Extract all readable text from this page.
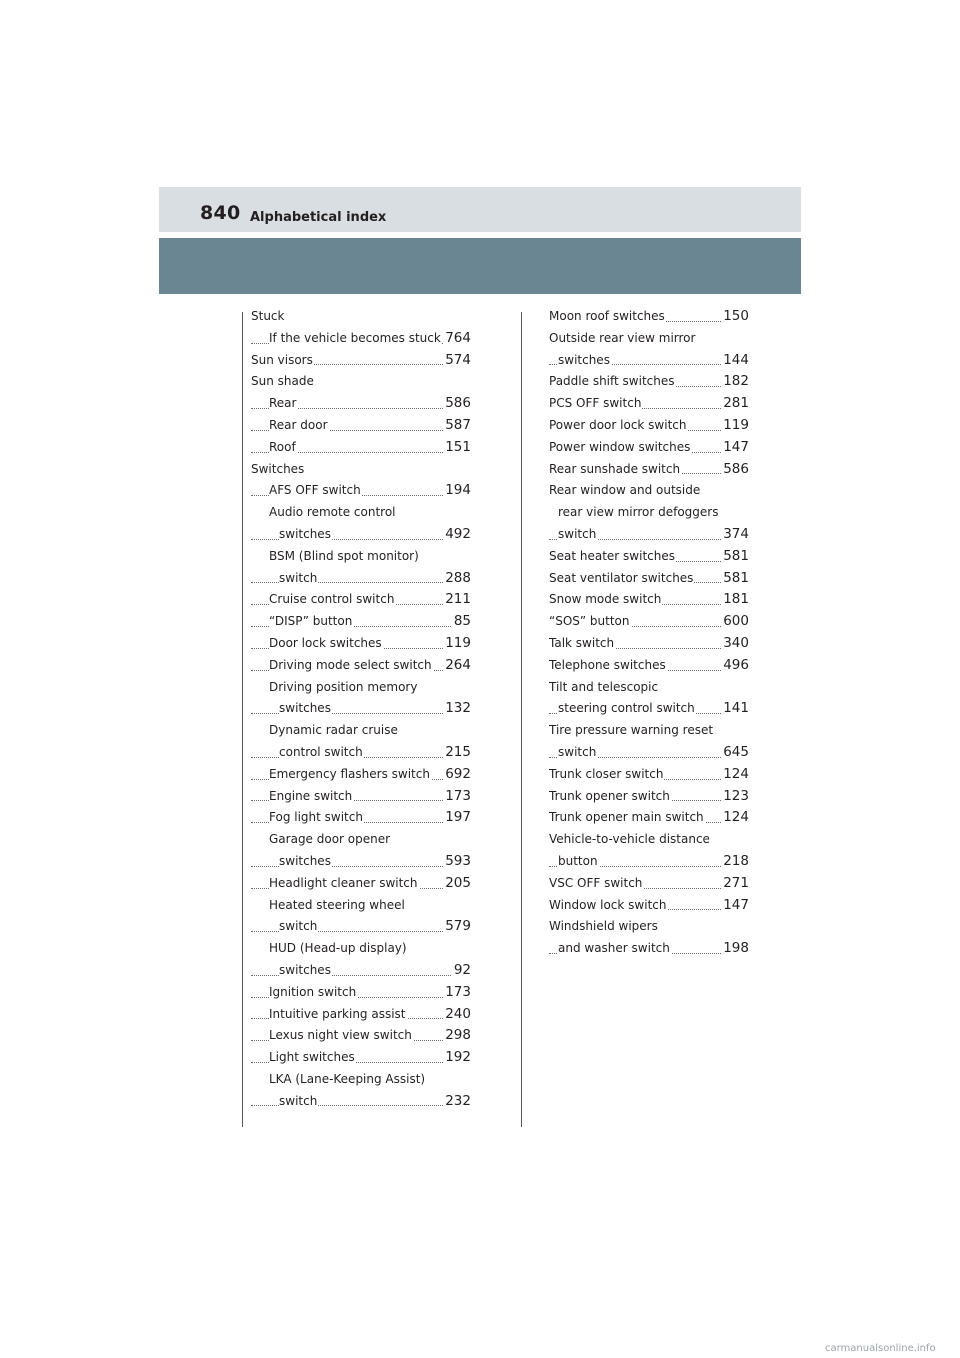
840 Alphabetical index
Stuck
If the vehicle becomes stuck 764
Sun visors	574
Sun shade
Rear	586
Rear door	587
Roof	151
Switches
AFS OFF switch	194
Audio remote control
switches	492
BSM (Blind spot monitor)
switch	288
Cruise control switch	211
“DISP” button	85
Door lock switches	119
Driving mode select switch 264
Driving position memory
switches	132
Dynamic radar cruise
control switch	215
Emergency flashers switch 692
Engine switch	173
Fog light switch	197
Garage door opener
switches	593
Headlight cleaner switch 205
Heated steering wheel
switch	579
HUD (Head-up display)
switches	92
Ignition switch	173
Intuitive parking assist	240
Lexus night view switch 298
Light switches	192
LKA (Lane-Keeping Assist)
switch	232
Moon roof switches	150
Outside rear view mirror
switches	144
Paddle shift switches	182
PCS OFF switch	281
Power door lock switch	119
Power window switches 147
Rear sunshade switch	586
Rear window and outside
rear view mirror defoggers
switch	374
Seat heater switches	581
Seat ventilator switches 581
Snow mode switch	181
“SOS” button	600
Talk switch	340
Telephone switches	496
Tilt and telescopic
steering control switch 141
Tire pressure warning reset
switch	645
Trunk closer switch	124
Trunk opener switch	123
Trunk opener main switch 124
Vehicle-to-vehicle distance
button	218
VSC OFF switch	271
Window lock switch	147
Windshield wipers
and washer switch	198
carmanualsonline.info
